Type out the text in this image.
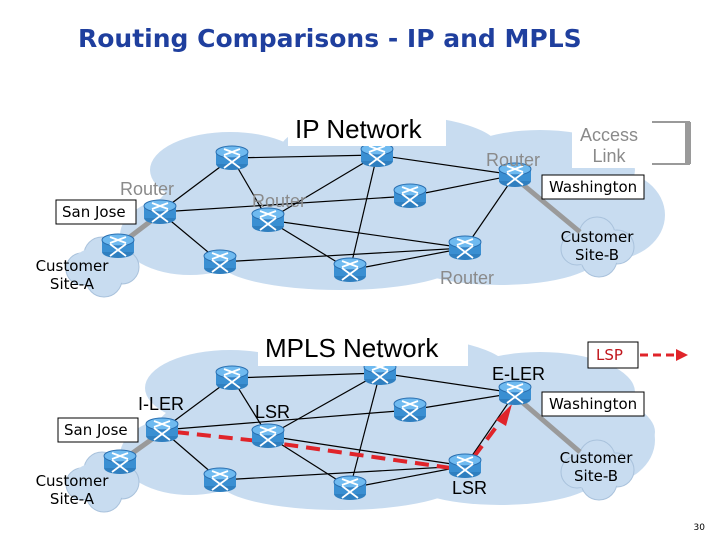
Routing Comparisons - IP and MPLS
IP Network
Router
Router
Router
Router
San Jose
Washington
Customer
Site-A
Customer
Site-B
Access
Link
MPLS Network
I-LER
E-LER
LSR
LSR
San Jose
Washington
Customer
Site-A
Customer
Site-B
LSP
30
